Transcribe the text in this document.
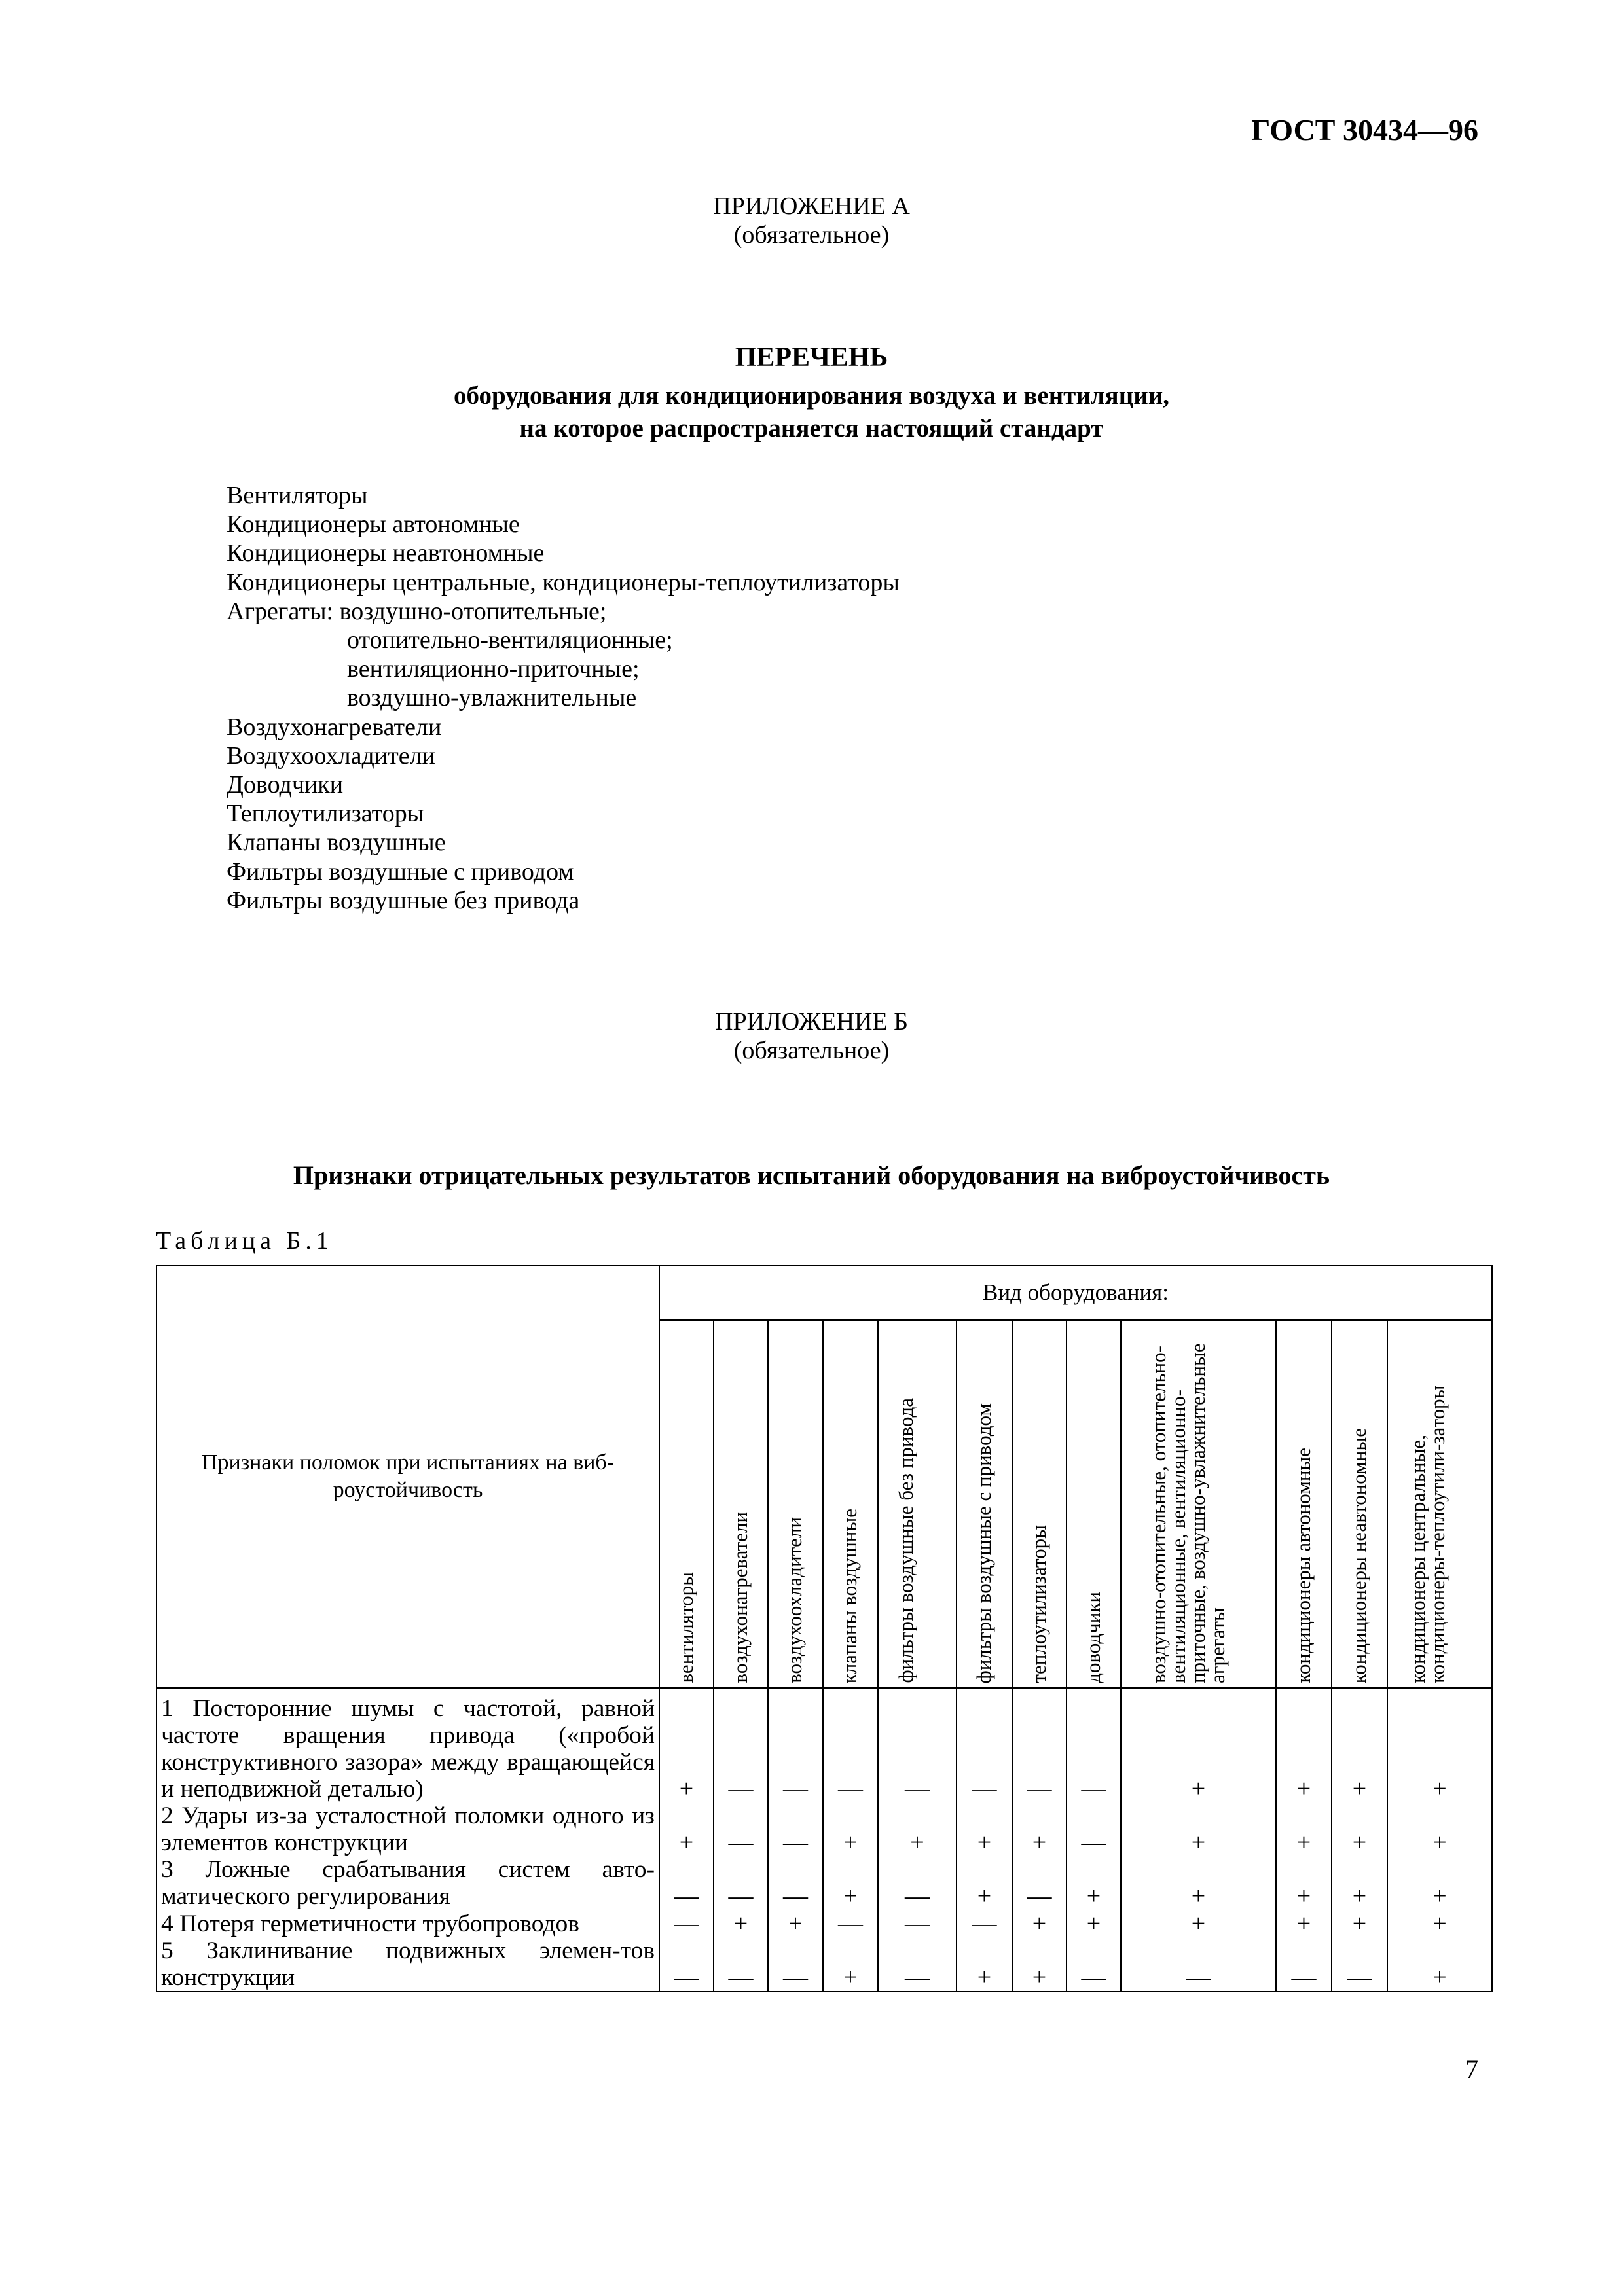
ГОСТ 30434—96
ПРИЛОЖЕНИЕ А
(обязательное)
ПЕРЕЧЕНЬ
оборудования для кондиционирования воздуха и вентиляции,
на которое распространяется настоящий стандарт
Вентиляторы
Кондиционеры автономные
Кондиционеры неавтономные
Кондиционеры центральные, кондиционеры-теплоутилизаторы
Агрегаты: воздушно-отопительные;
отопительно-вентиляционные;
вентиляционно-приточные;
воздушно-увлажнительные
Воздухонагреватели
Воздухоохладители
Доводчики
Теплоутилизаторы
Клапаны воздушные
Фильтры воздушные с приводом
Фильтры воздушные без привода
ПРИЛОЖЕНИЕ Б
(обязательное)
Признаки отрицательных результатов испытаний оборудования на виброустойчивость
Таблица Б.1
Признаки поломок при испытаниях на виб-роустойчивость	Вид оборудования:											

	вентиляторы	воздухонагреватели	воздухоохладители	клапаны воздушные	фильтры воздушные без привода	фильтры воздушные с приводом	теплоутилизаторы	доводчики	воздушно-отопительные, отопительно-вентиляционные, вентиляционно-приточные, воздушно-увлажнительные агрегаты	кондиционеры автономные	кондиционеры неавтономные	кондиционеры центральные, кондиционеры-теплоутили-заторы

1 Посторонние шумы с частотой, равной частоте вращения привода («пробой конструктивного зазора» между вращающейся и неподвижной деталью)	+	—	—	—	—	—	—	—	+	+	+	+
2 Удары из-за усталостной поломки одного из элементов конструкции	+	—	—	+	+	+	+	—	+	+	+	+
3 Ложные срабатывания систем авто-матического регулирования	—	—	—	+	—	+	—	+	+	+	+	+
4 Потеря герметичности трубопроводов	—	+	+	—	—	—	+	+	+	+	+	+
5 Заклинивание подвижных элемен-тов конструкции	—	—	—	+	—	+	+	—	—	—	—	+
7
